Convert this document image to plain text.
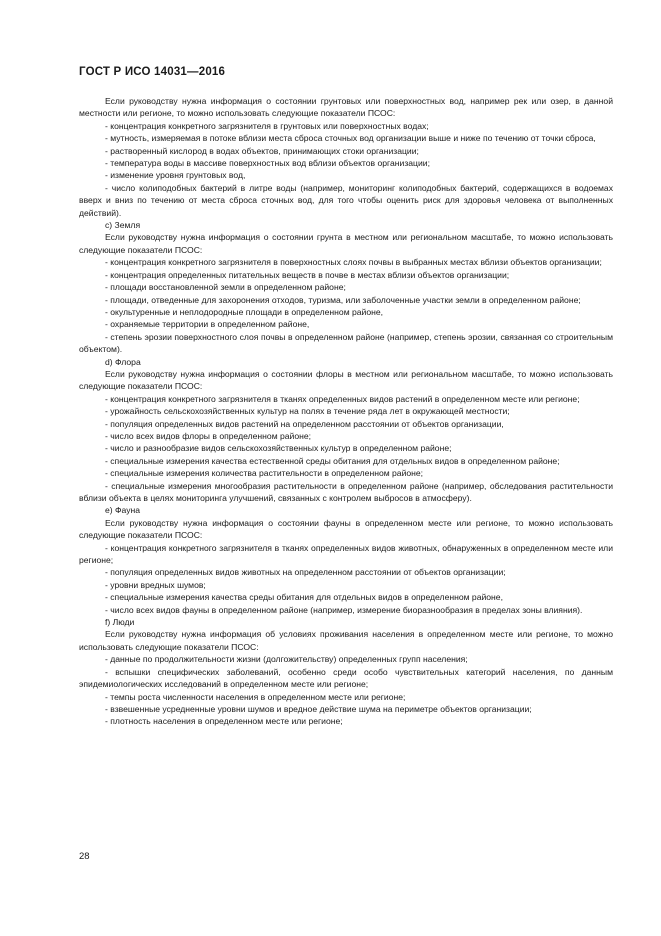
ГОСТ Р ИСО 14031—2016

Если руководству нужна информация о состоянии грунтовых или поверхностных вод, например рек или озер, в данной местности или регионе, то можно использовать следующие показатели ПСОС:

- концентрация конкретного загрязнителя в грунтовых или поверхностных водах;

- мутность, измеряемая в потоке вблизи места сброса сточных вод организации выше и ниже по течению от точки сброса,

- растворенный кислород в водах объектов, принимающих стоки организации;

- температура воды в массиве поверхностных вод вблизи объектов организации;

- изменение уровня грунтовых вод,

- число колиподобных бактерий в литре воды (например, мониторинг колиподобных бактерий, содержащихся в водоемах вверх и вниз по течению от места сброса сточных вод, для того чтобы оценить риск для здоровья человека от выполненных действий).

c) Земля

Если руководству нужна информация о состоянии грунта в местном или региональном масштабе, то можно использовать следующие показатели ПСОС:

- концентрация конкретного загрязнителя в поверхностных слоях почвы в выбранных местах вблизи объектов организации;

- концентрация определенных питательных веществ в почве в местах вблизи объектов организации;

- площади восстановленной земли в определенном районе;

- площади, отведенные для захоронения отходов, туризма, или заболоченные участки земли в определенном районе;

- окультуренные и неплодородные площади в определенном районе,

- охраняемые территории в определенном районе,

- степень эрозии поверхностного слоя почвы в определенном районе (например, степень эрозии, связанная со строительным объектом).

d) Флора

Если руководству нужна информация о состоянии флоры в местном или региональном масштабе, то можно использовать следующие показатели ПСОС:

- концентрация конкретного загрязнителя в тканях определенных видов растений в определенном месте или регионе;

- урожайность сельскохозяйственных культур на полях в течение ряда лет в окружающей местности;

- популяция определенных видов растений на определенном расстоянии от объектов организации,

- число всех видов флоры в определенном районе;

- число и разнообразие видов сельскохозяйственных культур в определенном районе;

- специальные измерения качества естественной среды обитания для отдельных видов в определенном районе;

- специальные измерения количества растительности в определенном районе;

- специальные измерения многообразия растительности в определенном районе (например, обследования растительности вблизи объекта в целях мониторинга улучшений, связанных с контролем выбросов в атмосферу).

e) Фауна

Если руководству нужна информация о состоянии фауны в определенном месте или регионе, то можно использовать следующие показатели ПСОС:

- концентрация конкретного загрязнителя в тканях определенных видов животных, обнаруженных в определенном месте или регионе;

- популяция определенных видов животных на определенном расстоянии от объектов организации;

- уровни вредных шумов;

- специальные измерения качества среды обитания для отдельных видов в определенном районе,

- число всех видов фауны в определенном районе (например, измерение биоразнообразия в пределах зоны влияния).

f) Люди

Если руководству нужна информация об условиях проживания населения в определенном месте или регионе, то можно использовать следующие показатели ПСОС:

- данные по продолжительности жизни (долгожительству) определенных групп населения;

- вспышки специфических заболеваний, особенно среди особо чувствительных категорий населения, по данным эпидемиологических исследований в определенном месте или регионе;

- темпы роста численности населения в определенном месте или регионе;

- взвешенные усредненные уровни шумов и вредное действие шума на периметре объектов организации;

- плотность населения в определенном месте или регионе;

28
